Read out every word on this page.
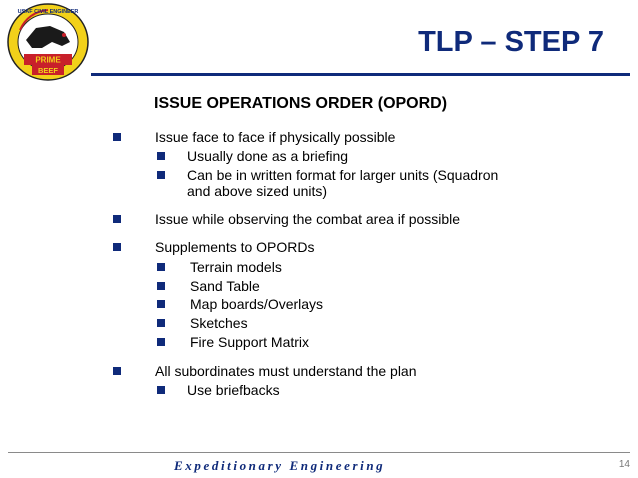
USAF CIVIL ENGINEER
PRIME
BEEF
TLP – STEP 7
ISSUE OPERATIONS ORDER (OPORD)
Issue face to face if physically possible
Usually done as a briefing
Can be in written format for larger units (Squadron
and above sized units)
Issue while observing the combat area if possible
Supplements to OPORDs
Terrain models
Sand Table
Map boards/Overlays
Sketches
Fire Support Matrix
All subordinates must understand the plan
Use briefbacks
Expeditionary Engineering	14
